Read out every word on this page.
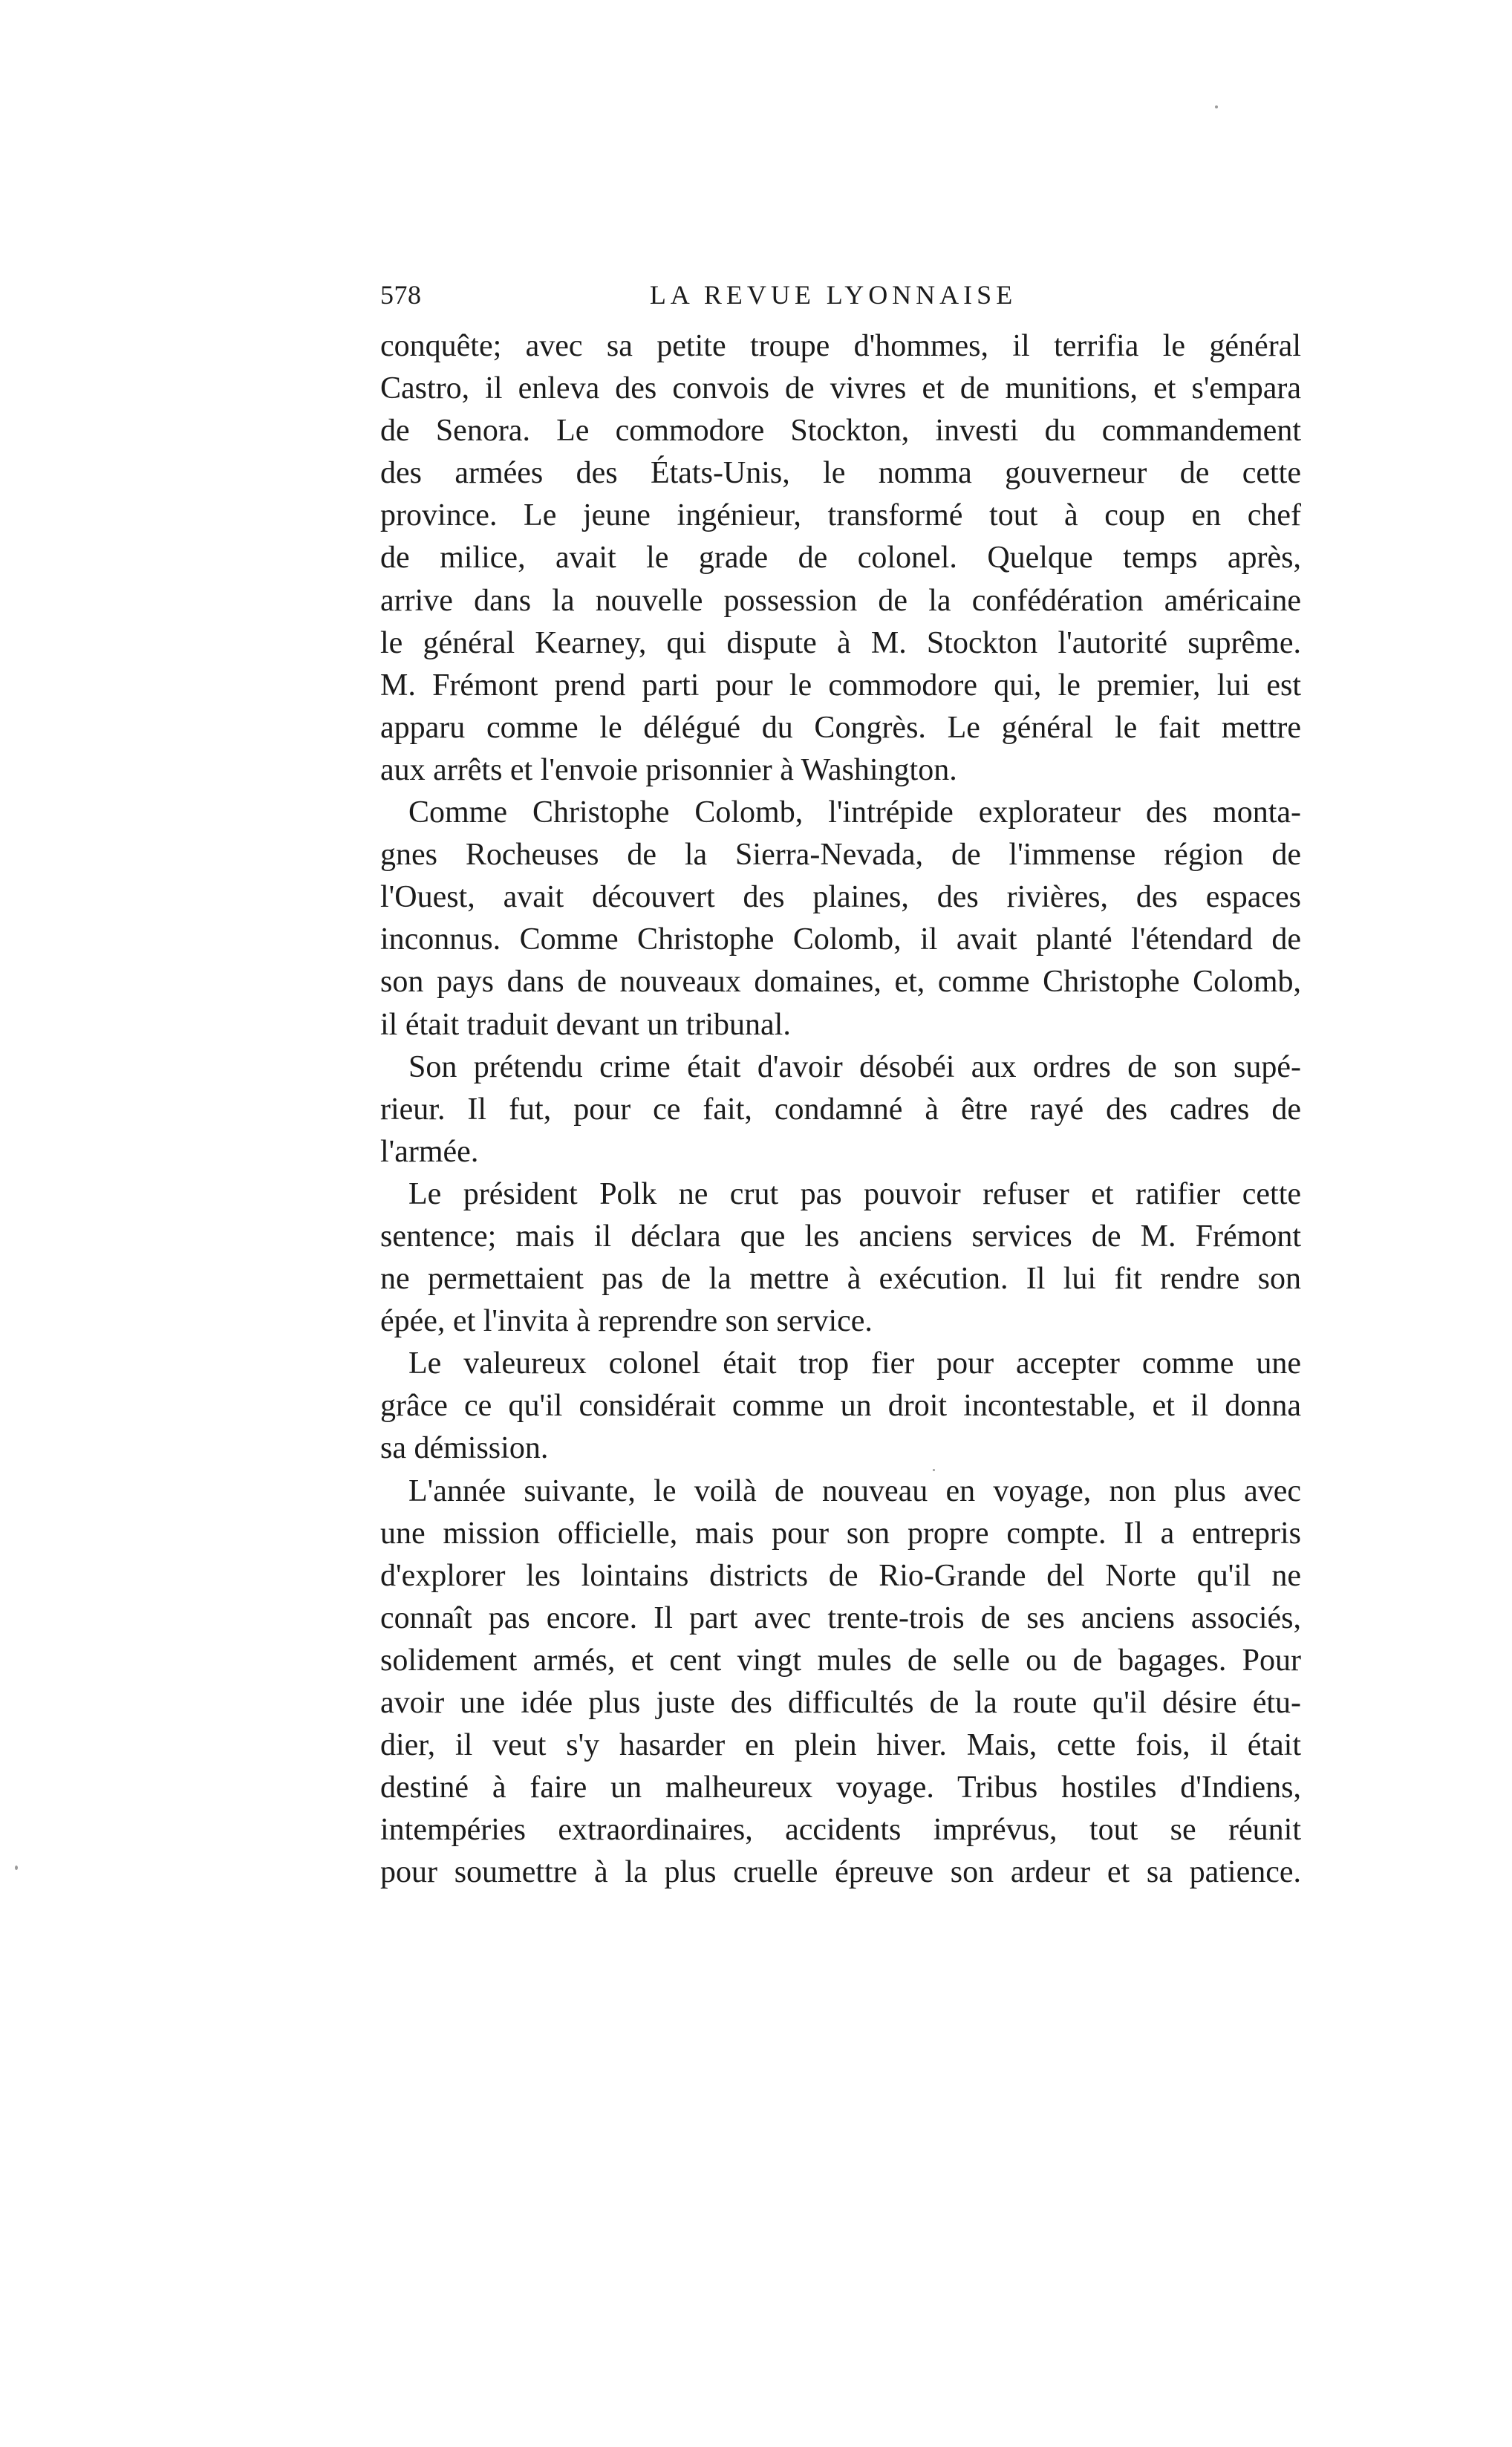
578	LA REVUE LYONNAISE
conquête; avec sa petite troupe d'hommes, il terrifia le général
Castro, il enleva des convois de vivres et de munitions, et s'empara
de Senora. Le commodore Stockton, investi du commandement
des armées des États-Unis, le nomma gouverneur de cette
province. Le jeune ingénieur, transformé tout à coup en chef
de milice, avait le grade de colonel. Quelque temps après,
arrive dans la nouvelle possession de la confédération américaine
le général Kearney, qui dispute à M. Stockton l'autorité suprême.
M. Frémont prend parti pour le commodore qui, le premier, lui est
apparu comme le délégué du Congrès. Le général le fait mettre
aux arrêts et l'envoie prisonnier à Washington.
Comme Christophe Colomb, l'intrépide explorateur des monta-
gnes Rocheuses de la Sierra-Nevada, de l'immense région de
l'Ouest, avait découvert des plaines, des rivières, des espaces
inconnus. Comme Christophe Colomb, il avait planté l'étendard de
son pays dans de nouveaux domaines, et, comme Christophe Colomb,
il était traduit devant un tribunal.
Son prétendu crime était d'avoir désobéi aux ordres de son supé-
rieur. Il fut, pour ce fait, condamné à être rayé des cadres de
l'armée.
Le président Polk ne crut pas pouvoir refuser et ratifier cette
sentence; mais il déclara que les anciens services de M. Frémont
ne permettaient pas de la mettre à exécution. Il lui fit rendre son
épée, et l'invita à reprendre son service.
Le valeureux colonel était trop fier pour accepter comme une
grâce ce qu'il considérait comme un droit incontestable, et il donna
sa démission.
L'année suivante, le voilà de nouveau en voyage, non plus avec
une mission officielle, mais pour son propre compte. Il a entrepris
d'explorer les lointains districts de Rio-Grande del Norte qu'il ne
connaît pas encore. Il part avec trente-trois de ses anciens associés,
solidement armés, et cent vingt mules de selle ou de bagages. Pour
avoir une idée plus juste des difficultés de la route qu'il désire étu-
dier, il veut s'y hasarder en plein hiver. Mais, cette fois, il était
destiné à faire un malheureux voyage. Tribus hostiles d'Indiens,
intempéries extraordinaires, accidents imprévus, tout se réunit
pour soumettre à la plus cruelle épreuve son ardeur et sa patience.
